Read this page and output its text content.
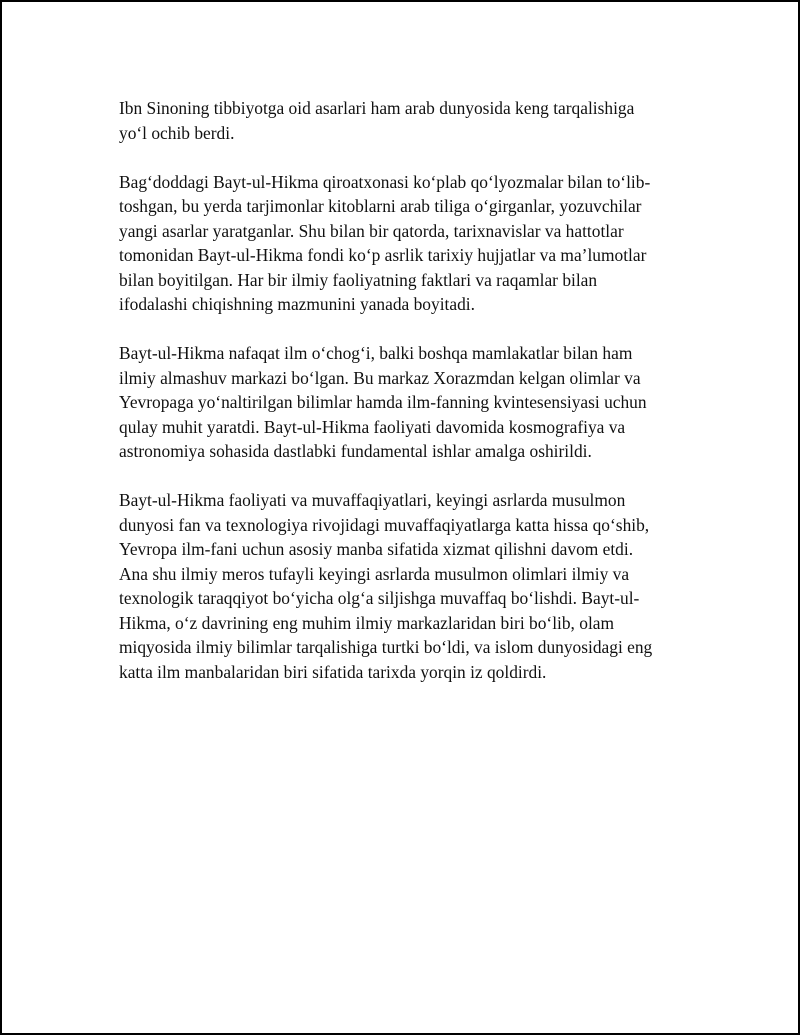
Ibn Sinoning tibbiyotga oid asarlari ham arab dunyosida keng tarqalishiga
yo‘l ochib berdi.

Bag‘doddagi Bayt-ul-Hikma qiroatxonasi ko‘plab qo‘lyozmalar bilan to‘lib-
toshgan, bu yerda tarjimonlar kitoblarni arab tiliga o‘girganlar, yozuvchilar
yangi asarlar yaratganlar. Shu bilan bir qatorda, tarixnavislar va hattotlar
tomonidan Bayt-ul-Hikma fondi ko‘p asrlik tarixiy hujjatlar va ma’lumotlar
bilan boyitilgan. Har bir ilmiy faoliyatning faktlari va raqamlar bilan
ifodalashi chiqishning mazmunini yanada boyitadi.

Bayt-ul-Hikma nafaqat ilm o‘chog‘i, balki boshqa mamlakatlar bilan ham
ilmiy almashuv markazi bo‘lgan. Bu markaz Xorazmdan kelgan olimlar va
Yevropaga yo‘naltirilgan bilimlar hamda ilm-fanning kvintesensiyasi uchun
qulay muhit yaratdi. Bayt-ul-Hikma faoliyati davomida kosmografiya va
astronomiya sohasida dastlabki fundamental ishlar amalga oshirildi.

Bayt-ul-Hikma faoliyati va muvaffaqiyatlari, keyingi asrlarda musulmon
dunyosi fan va texnologiya rivojidagi muvaffaqiyatlarga katta hissa qo‘shib,
Yevropa ilm-fani uchun asosiy manba sifatida xizmat qilishni davom etdi.
Ana shu ilmiy meros tufayli keyingi asrlarda musulmon olimlari ilmiy va
texnologik taraqqiyot bo‘yicha olg‘a siljishga muvaffaq bo‘lishdi. Bayt-ul-
Hikma, o‘z davrining eng muhim ilmiy markazlaridan biri bo‘lib, olam
miqyosida ilmiy bilimlar tarqalishiga turtki bo‘ldi, va islom dunyosidagi eng
katta ilm manbalaridan biri sifatida tarixda yorqin iz qoldirdi.
